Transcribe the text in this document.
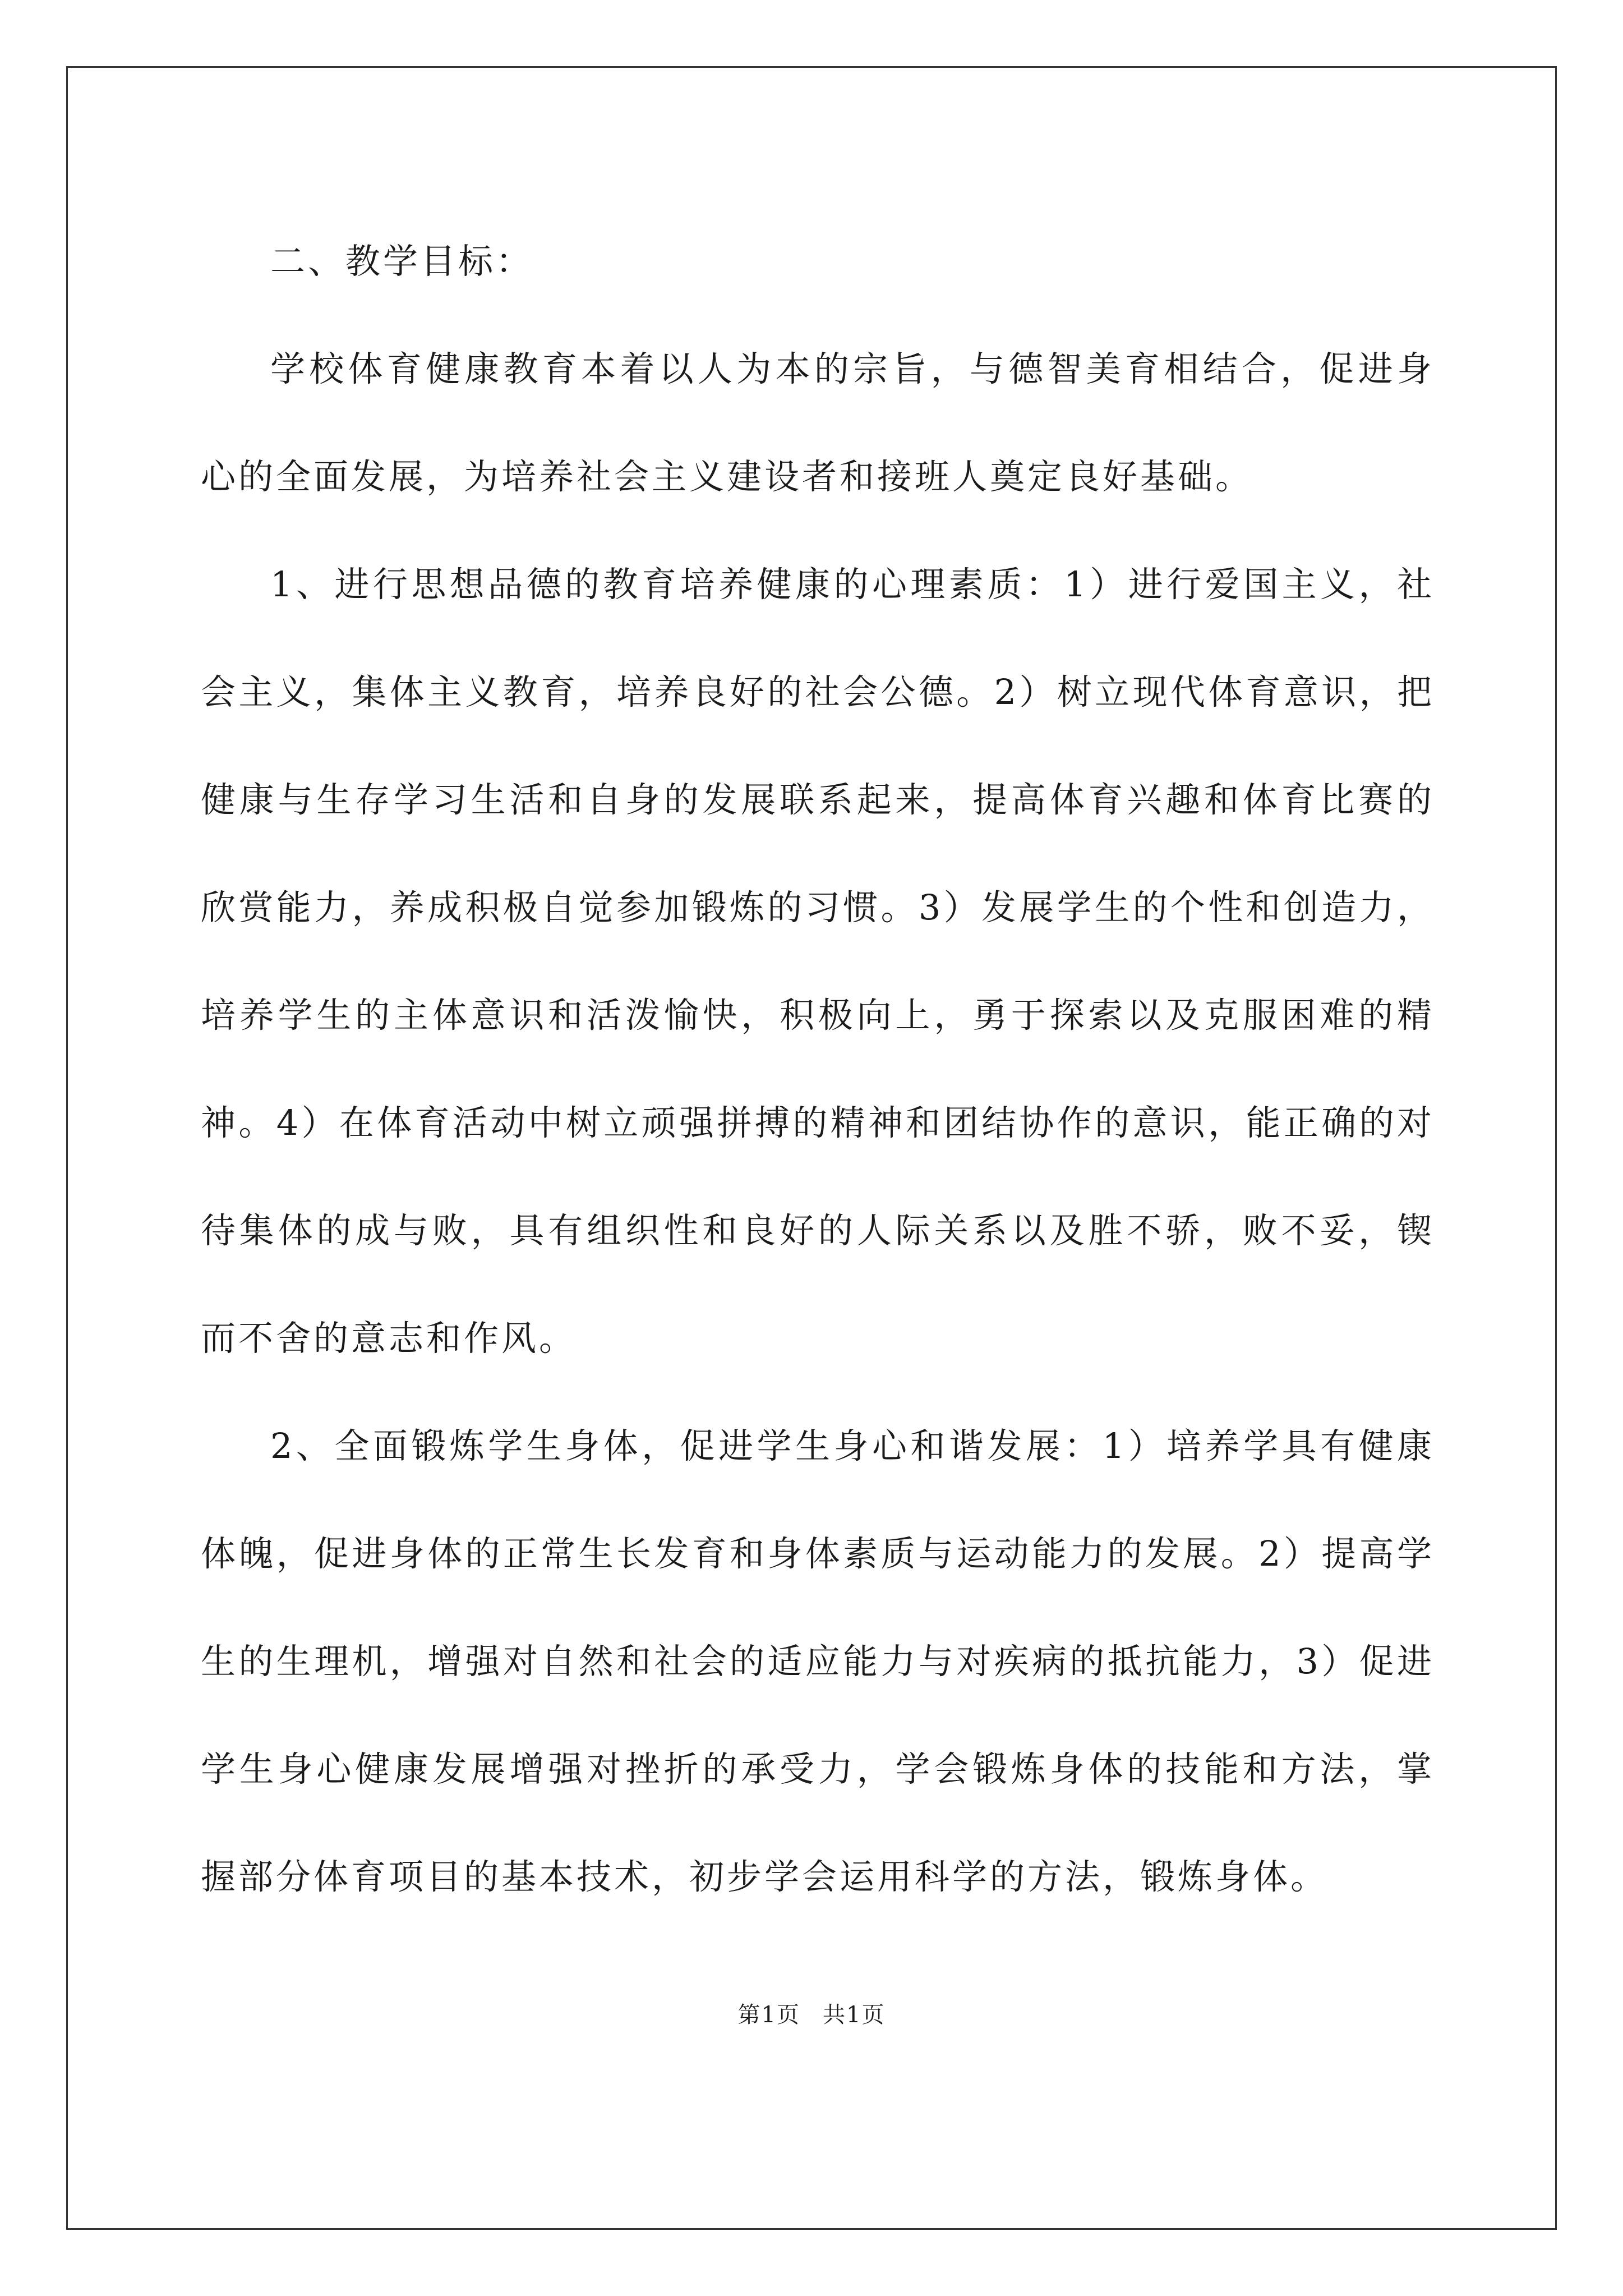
二、教学目标：

学校体育健康教育本着以人为本的宗旨，与德智美育相结合，促进身心的全面发展，为培养社会主义建设者和接班人奠定良好基础。

1、进行思想品德的教育培养健康的心理素质：1）进行爱国主义，社会主义，集体主义教育，培养良好的社会公德。2）树立现代体育意识，把健康与生存学习生活和自身的发展联系起来，提高体育兴趣和体育比赛的欣赏能力，养成积极自觉参加锻炼的习惯。3）发展学生的个性和创造力，培养学生的主体意识和活泼愉快，积极向上，勇于探索以及克服困难的精神。4）在体育活动中树立顽强拼搏的精神和团结协作的意识，能正确的对待集体的成与败，具有组织性和良好的人际关系以及胜不骄，败不妥，锲而不舍的意志和作风。

2、全面锻炼学生身体，促进学生身心和谐发展：1）培养学具有健康体魄，促进身体的正常生长发育和身体素质与运动能力的发展。2）提高学生的生理机，增强对自然和社会的适应能力与对疾病的抵抗能力，3）促进学生身心健康发展增强对挫折的承受力，学会锻炼身体的技能和方法，掌握部分体育项目的基本技术，初步学会运用科学的方法，锻炼身体。

第1页 共1页
